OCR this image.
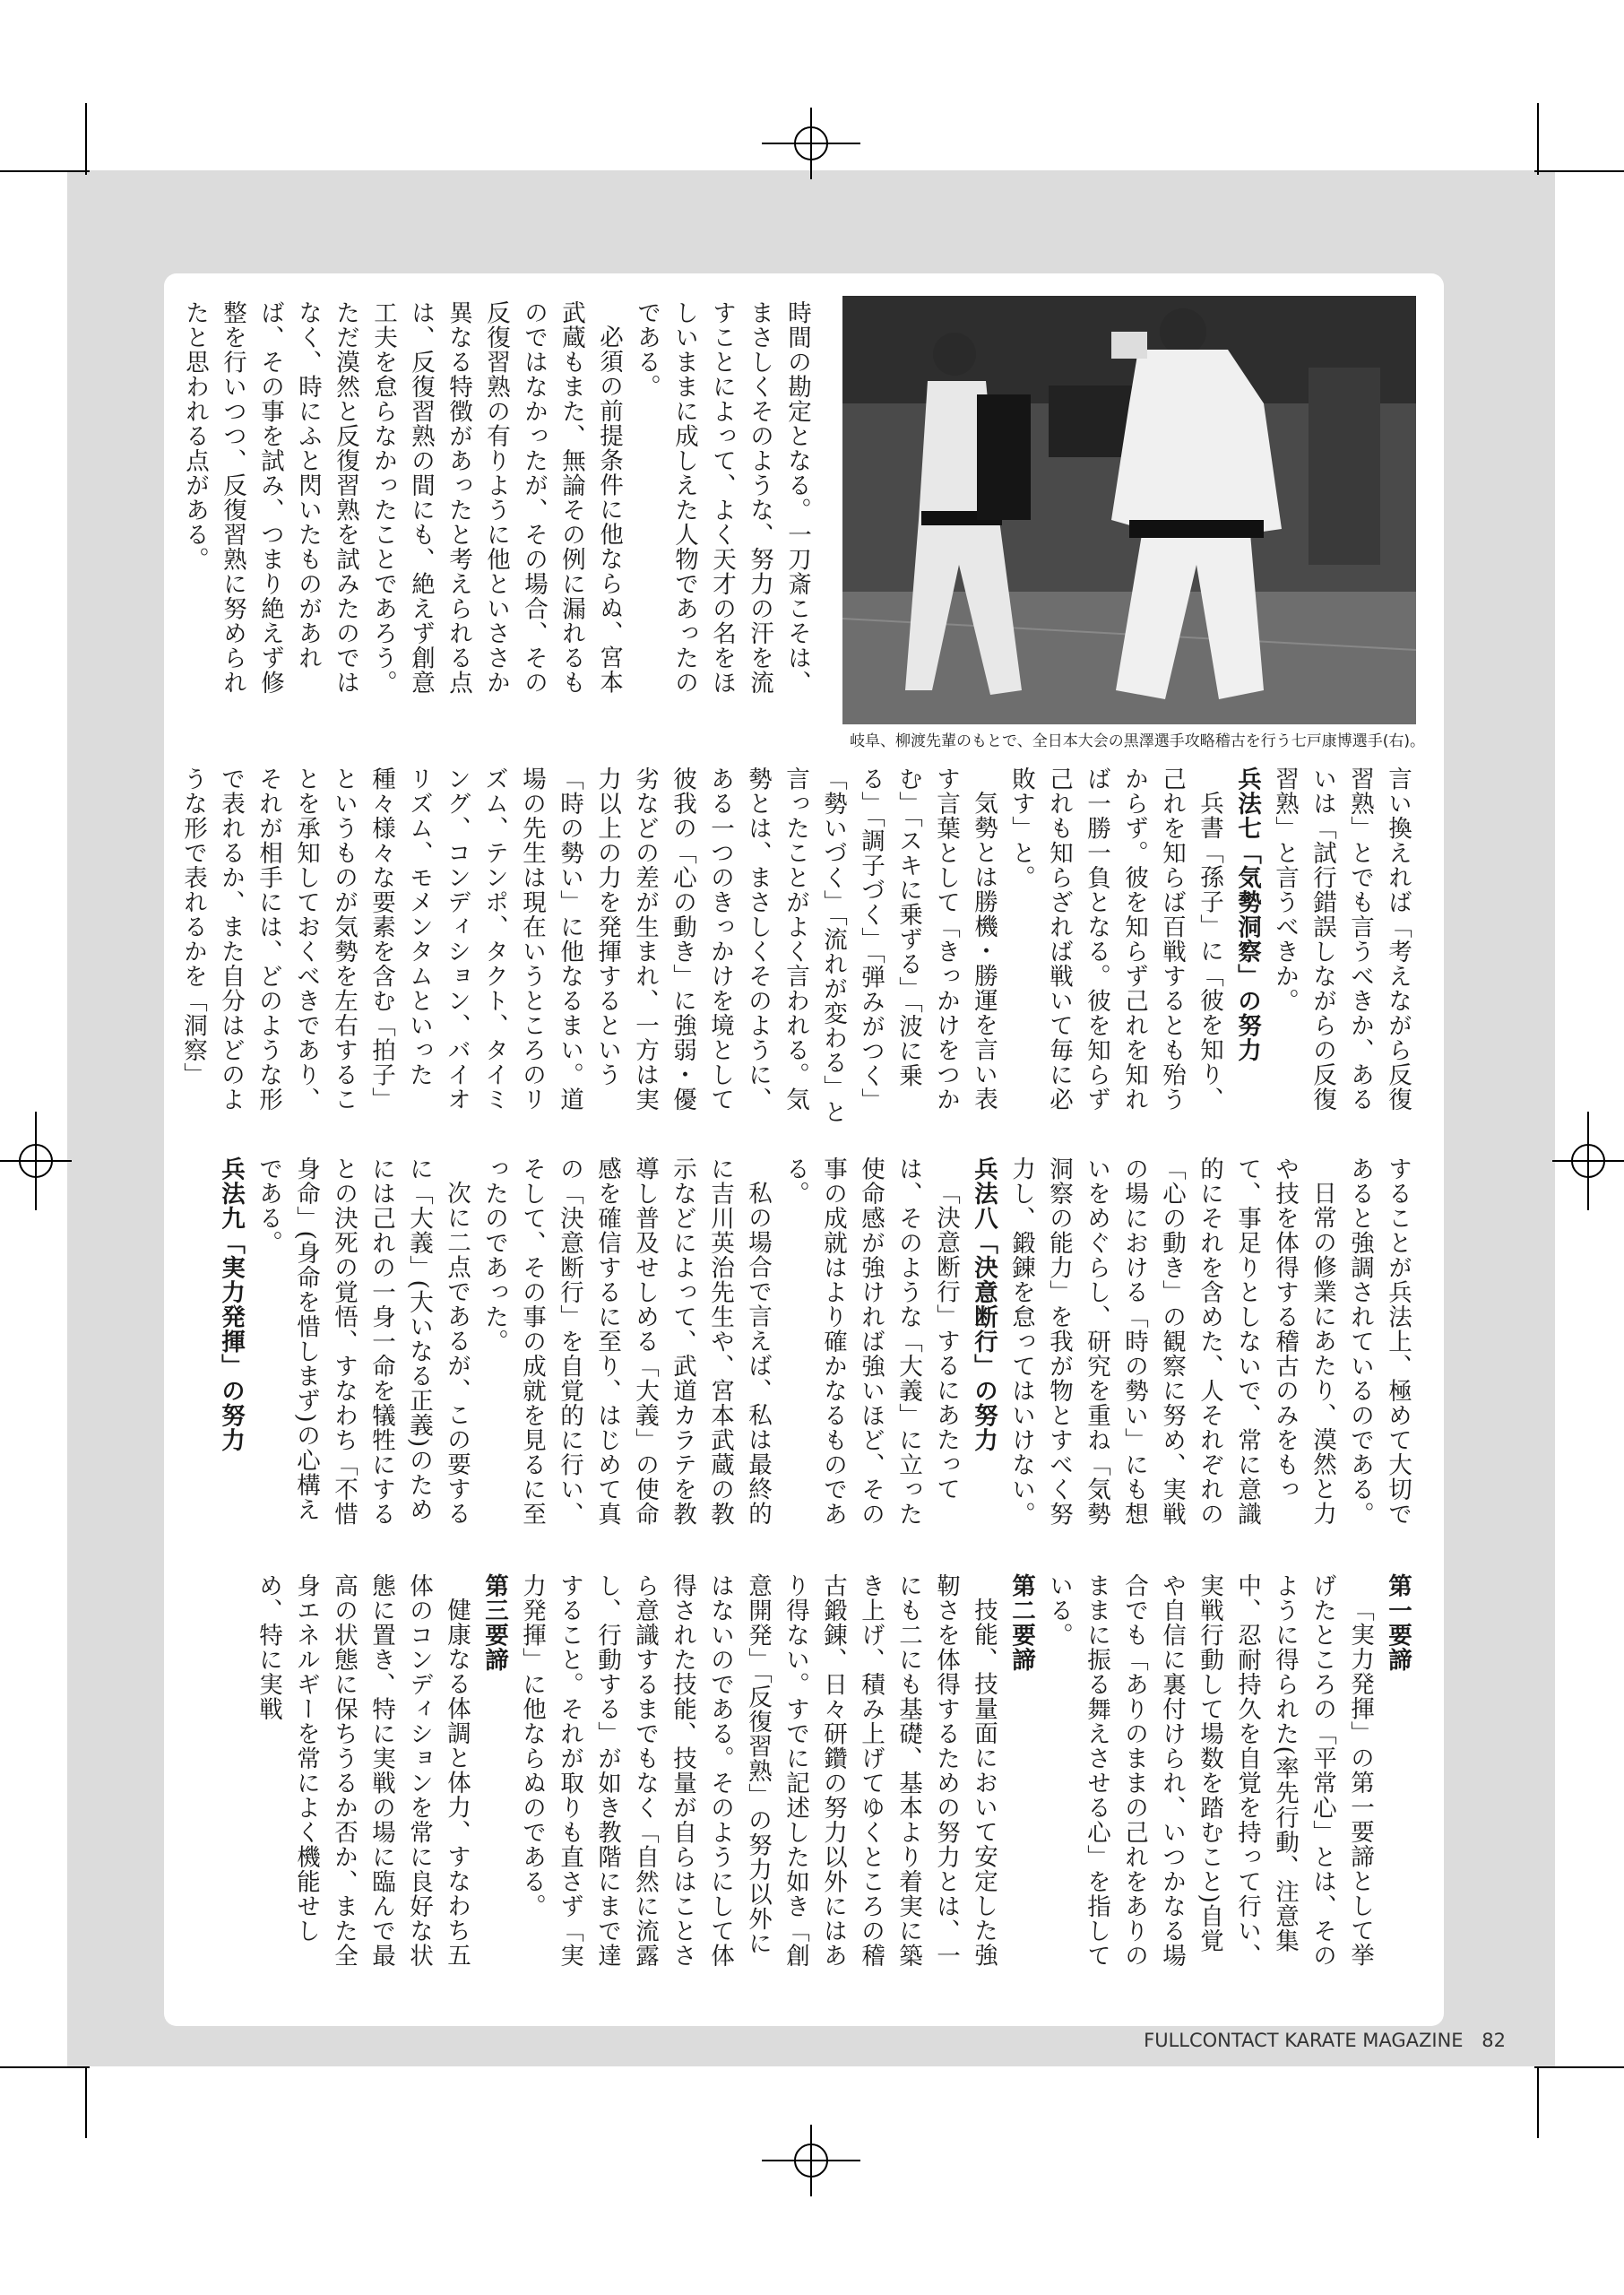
岐阜、柳渡先輩のもとで、全日本大会の黒澤選手攻略稽古を行う七戸康博選手(右)。

時間の勘定となる。一刀斎こそは、まさしくそのような、努力の汗を流すことによって、よく天才の名をほしいままに成しえた人物であったのである。

必須の前提条件に他ならぬ、宮本武蔵もまた、無論その例に漏れるものではなかったが、その場合、その反復習熟の有りように他といささか異なる特徴があったと考えられる点は、反復習熟の間にも、絶えず創意工夫を怠らなかったことであろう。ただ漠然と反復習熟を試みたのではなく、時にふと閃いたものがあれば、その事を試み、つまり絶えず修整を行いつつ、反復習熟に努められたと思われる点がある。

言い換えれば「考えながら反復習熟」とでも言うべきか、あるいは「試行錯誤しながらの反復習熟」と言うべきか。

兵法七「気勢洞察」の努力

兵書「孫子」に「彼を知り、己れを知らば百戦するとも殆うからず。彼を知らず己れを知れば一勝一負となる。彼を知らず己れも知らざれば戦いて毎に必敗す」と。

気勢とは勝機・勝運を言い表す言葉として「きっかけをつかむ」「スキに乗ずる」「波に乗る」「調子づく」「弾みがつく」「勢いづく」「流れが変わる」と言ったことがよく言われる。気勢とは、まさしくそのように、ある一つのきっかけを境として彼我の「心の動き」に強弱・優劣などの差が生まれ、一方は実力以上の力を発揮するという「時の勢い」に他なるまい。道場の先生は現在いうところのリズム、テンポ、タクト、タイミング、コンディション、バイオリズム、モメンタムといった種々様々な要素を含む「拍子」というものが気勢を左右することを承知しておくべきであり、それが相手には、どのような形で表れるか、また自分はどのような形で表れるかを「洞察」

することが兵法上、極めて大切であると強調されているのである。

日常の修業にあたり、漠然と力や技を体得する稽古のみをもって、事足りとしないで、常に意識的にそれを含めた、人それぞれの「心の動き」の観察に努め、実戦の場における「時の勢い」にも想いをめぐらし、研究を重ね「気勢洞察の能力」を我が物とすべく努力し、鍛錬を怠ってはいけない。

兵法八「決意断行」の努力

「決意断行」するにあたっては、そのような「大義」に立った使命感が強ければ強いほど、その事の成就はより確かなるものである。

私の場合で言えば、私は最終的に吉川英治先生や、宮本武蔵の教示などによって、武道カラテを教導し普及せしめる「大義」の使命感を確信するに至り、はじめて真の「決意断行」を自覚的に行い、そして、その事の成就を見るに至ったのであった。

次に二点であるが、この要するに「大義」(大いなる正義)のためには己れの一身一命を犠牲にするとの決死の覚悟、すなわち「不惜身命」(身命を惜しまず)の心構えである。

兵法九「実力発揮」の努力
第一要諦

「実力発揮」の第一要諦として挙げたところの「平常心」とは、そのように得られた(率先行動、注意集中、忍耐持久を自覚を持って行い、実戦行動して場数を踏むこと)自覚や自信に裏付けられ、いつかなる場合でも「ありのままの己れをありのままに振る舞えさせる心」を指している。

第二要諦

技能、技量面において安定した強靭さを体得するための努力とは、一にも二にも基礎、基本より着実に築き上げ、積み上げてゆくところの稽古鍛錬、日々研鑽の努力以外にはあり得ない。すでに記述した如き「創意開発」「反復習熟」の努力以外にはないのである。そのようにして体得された技能、技量が自らはことさら意識するまでもなく「自然に流露し、行動する」が如き教階にまで達すること。それが取りも直さず「実力発揮」に他ならぬのである。

第三要諦

健康なる体調と体力、すなわち五体のコンディションを常に良好な状態に置き、特に実戦の場に臨んで最高の状態に保ちうるか否か、また全身エネルギーを常によく機能せしめ、特に実戦

FULLCONTACT KARATE MAGAZINE 82
